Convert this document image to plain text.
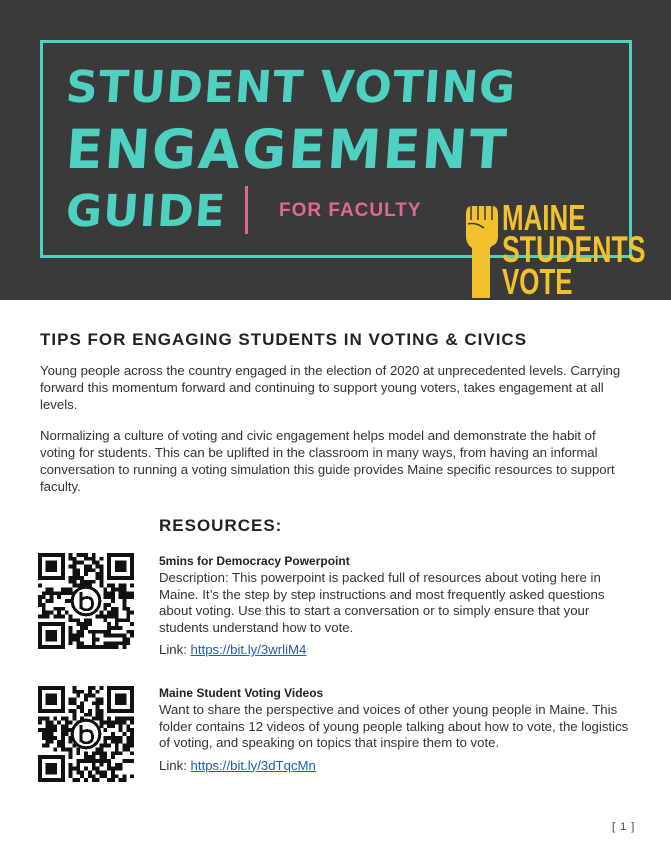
STUDENT VOTING
ENGAGEMENT
GUIDE	FOR FACULTY MAINE
STUDENTS
VOTE
TIPS FOR ENGAGING STUDENTS IN VOTING & CIVICS

Young people across the country engaged in the election of 2020 at unprecedented levels. Carrying forward this momentum forward and continuing to support young voters, takes engagement at all levels.

Normalizing a culture of voting and civic engagement helps model and demonstrate the habit of voting for students. This can be uplifted in the classroom in many ways, from having an informal conversation to running a voting simulation this guide provides Maine specific resources to support faculty.

RESOURCES:

5mins for Democracy Powerpoint

Description: This powerpoint is packed full of resources about voting here in Maine. It’s the step by step instructions and most frequently asked questions about voting. Use this to start a conversation or to simply ensure that your students understand how to vote.

Link: https://bit.ly/3wrliM4

Maine Student Voting Videos

Want to share the perspective and voices of other young people in Maine. This folder contains 12 videos of young people talking about how to vote, the logistics of voting, and speaking on topics that inspire them to vote.

Link: https://bit.ly/3dTqcMn

[ 1 ]
